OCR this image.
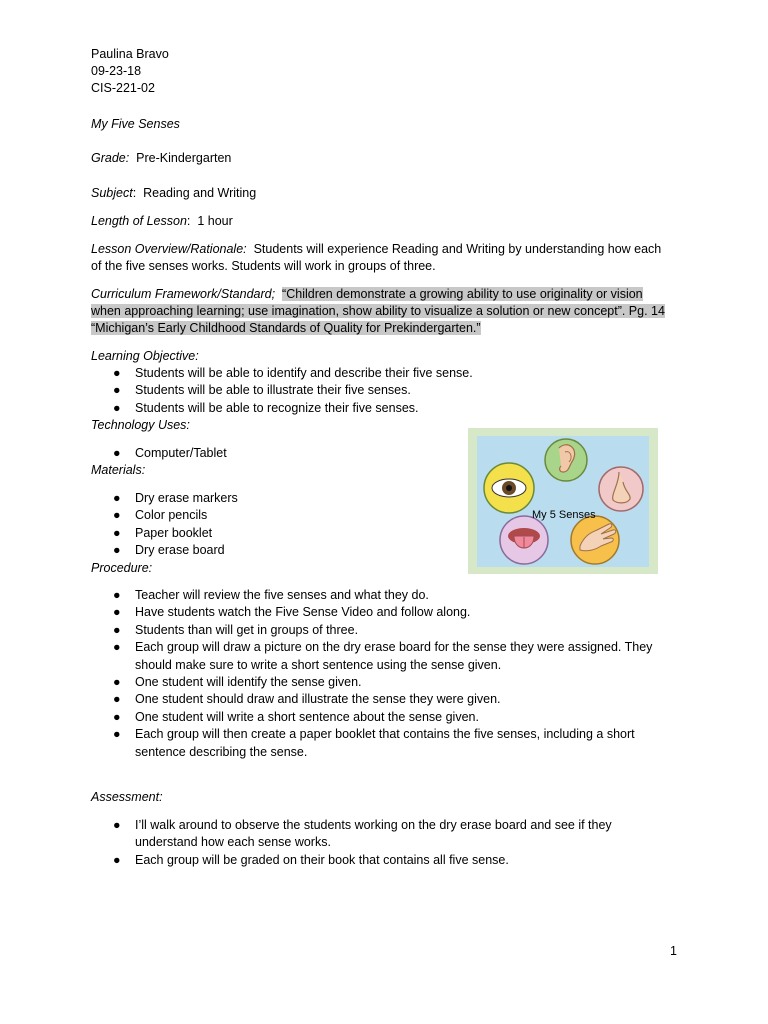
Paulina Bravo
09-23-18
CIS-221-02
My Five Senses
Grade: Pre-Kindergarten
Subject:  Reading and Writing
Length of Lesson:  1 hour
Lesson Overview/Rationale: Students will experience Reading and Writing by understanding how each
of the five senses works. Students will work in groups of three.
Curriculum Framework/Standard; “Children demonstrate a growing ability to use originality or vision
when approaching learning; use imagination, show ability to visualize a solution or new concept”. Pg. 14
“Michigan’s Early Childhood Standards of Quality for Prekindergarten.”
Learning Objective:
● Students will be able to identify and describe their five sense.
● Students will be able to illustrate their five senses.
● Students will be able to recognize their five senses.
Technology Uses:
● Computer/Tablet
Materials:
● Dry erase markers
● Color pencils
● Paper booklet
● Dry erase board
Procedure:
● Teacher will review the five senses and what they do.
● Have students watch the Five Sense Video and follow along.
● Students than will get in groups of three.
● Each group will draw a picture on the dry erase board for the sense they were assigned. They should make sure to write a short sentence using the sense given.
● One student will identify the sense given.
● One student should draw and illustrate the sense they were given.
● One student will write a short sentence about the sense given.
● Each group will then create a paper booklet that contains the five senses, including a short sentence describing the sense.
Assessment:
● I’ll walk around to observe the students working on the dry erase board and see if they understand how each sense works.
● Each group will be graded on their book that contains all five sense.
My 5 Senses
1
